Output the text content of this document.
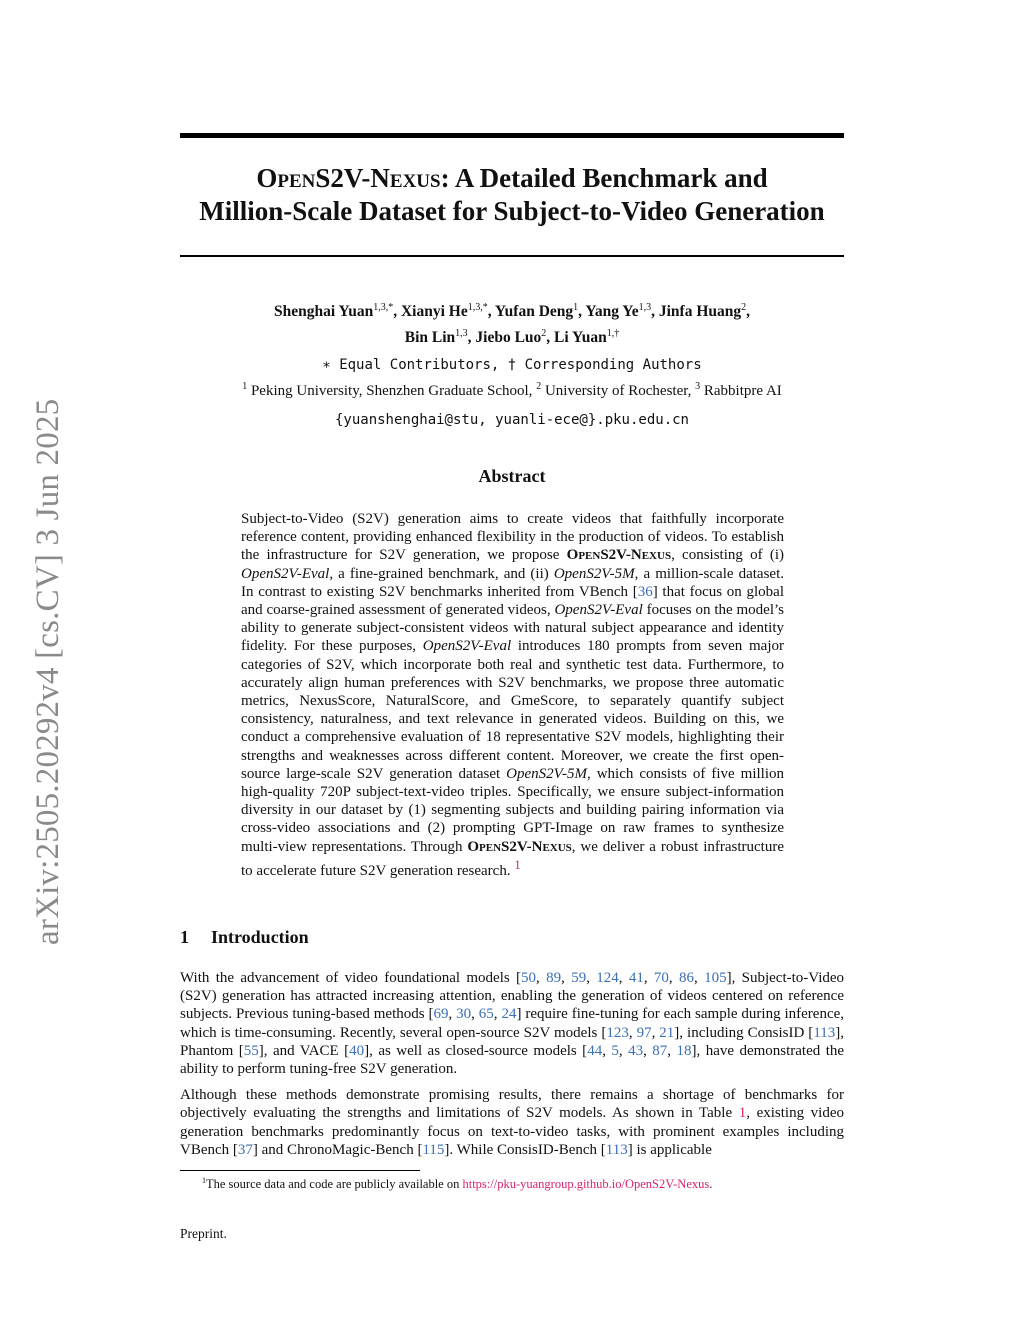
arXiv:2505.20292v4 [cs.CV] 3 Jun 2025
OpenS2V-Nexus: A Detailed Benchmark and
Million-Scale Dataset for Subject-to-Video Generation
Shenghai Yuan$^{1,3,*}$, Xianyi $He^{1,3,*}$, Yufan Deng$^1$, Yang Ye$^{1,3}$, Jinfa Huang$^2$,
Bin Lin$^{1,3}$, Jiebo Luo$^2$, Li Yuan$^{1,\dagger}$
∗ Equal Contributors, † Corresponding Authors
$^1$ Peking University, Shenzhen Graduate School, $^2$ University of Rochester, $^3$ Rabbitpre AI
{yuanshenghai@stu, yuanli-ece@}.pku.edu.cn
Abstract
Subject-to-Video (S2V) generation aims to create videos that faithfully incorporate reference content, providing enhanced flexibility in the production of videos. To establish the infrastructure for S2V generation, we propose OpenS2V-Nexus, consisting of (i) OpenS2V-Eval, a fine-grained benchmark, and (ii) OpenS2V-5M, a million-scale dataset. In contrast to existing S2V benchmarks inherited from VBench [36] that focus on global and coarse-grained assessment of generated videos, OpenS2V-Eval focuses on the model’s ability to generate subject-consistent videos with natural subject appearance and identity fidelity. For these purposes, OpenS2V-Eval introduces 180 prompts from seven major categories of S2V, which incorporate both real and synthetic test data. Furthermore, to accurately align human preferences with S2V benchmarks, we propose three automatic metrics, NexusScore, NaturalScore, and GmeScore, to separately quantify subject consistency, naturalness, and text relevance in generated videos. Building on this, we conduct a comprehensive evaluation of 18 representative S2V models, highlighting their strengths and weaknesses across different content. Moreover, we create the first open-source large-scale S2V generation dataset OpenS2V-5M, which consists of five million high-quality 720P subject-text-video triples. Specifically, we ensure subject-information diversity in our dataset by (1) segmenting subjects and building pairing information via cross-video associations and (2) prompting GPT-Image on raw frames to synthesize multi-view representations. Through OpenS2V-Nexus, we deliver a robust infrastructure to accelerate future S2V generation research. $^1$
1 Introduction

With the advancement of video foundational models [50, 89, 59, 124, 41, 70, 86, 105], Subject-to-Video (S2V) generation has attracted increasing attention, enabling the generation of videos centered on reference subjects. Previous tuning-based methods [69, 30, 65, 24] require fine-tuning for each sample during inference, which is time-consuming. Recently, several open-source S2V models [123, 97, 21], including ConsisID [113], Phantom [55], and VACE [40], as well as closed-source models [44, 5, 43, 87, 18], have demonstrated the ability to perform tuning-free S2V generation.

Although these methods demonstrate promising results, there remains a shortage of benchmarks for objectively evaluating the strengths and limitations of S2V models. As shown in Table 1, existing video generation benchmarks predominantly focus on text-to-video tasks, with prominent examples including VBench [37] and ChronoMagic-Bench [115]. While ConsisID-Bench [113] is applicable

$^1$The source data and code are publicly available on https://pku-yuangroup.github.io/OpenS2V-Nexus.
Preprint.
